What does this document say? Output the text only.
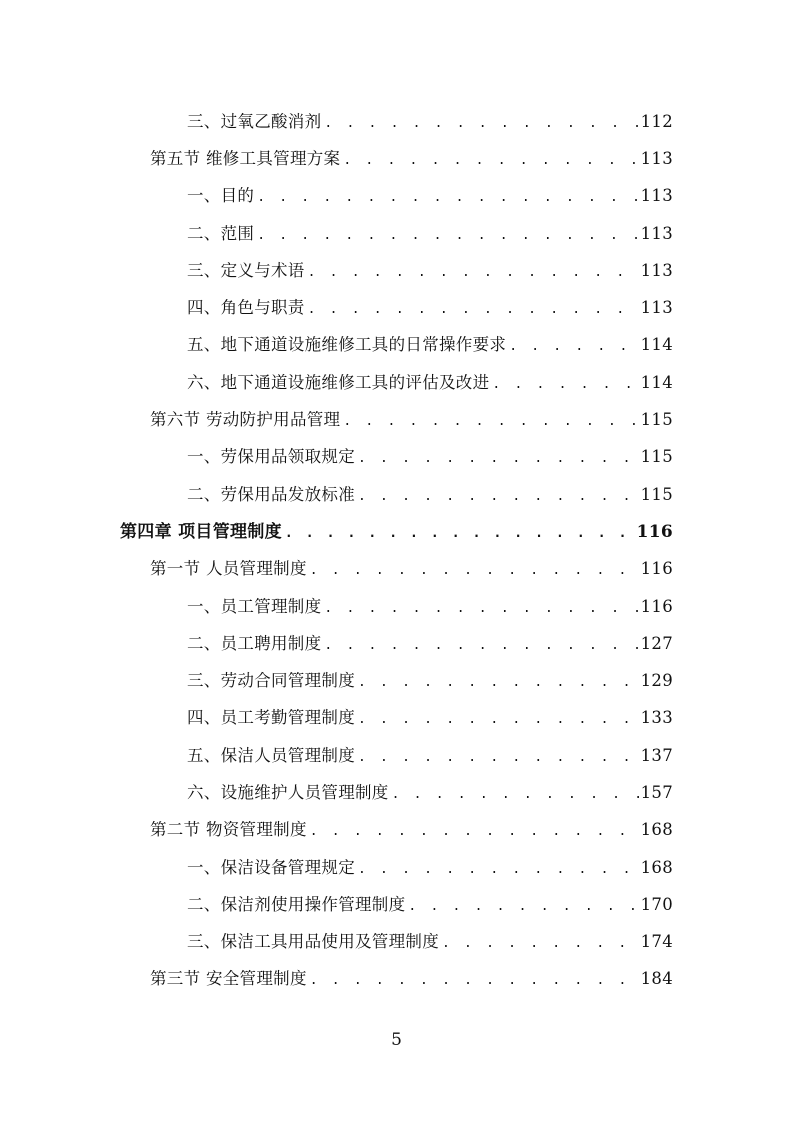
三、过氧乙酸消剂 . . .	112
第五节 维修工具管理方案 . . .	113
一、目的 . . .	113
二、范围 . . .	113
三、定义与术语 . . .	113
四、角色与职责 . . .	113
五、地下通道设施维修工具的日常操作要求 . . .	114
六、地下通道设施维修工具的评估及改进 . . .	114
第六节 劳动防护用品管理 . . .	115
一、劳保用品领取规定 . . .	115
二、劳保用品发放标准 . . .	115
第四章 项目管理制度 . . .	116
第一节 人员管理制度 . . .	116
一、员工管理制度 . . .	116
二、员工聘用制度 . . .	127
三、劳动合同管理制度 . . .	129
四、员工考勤管理制度 . . .	133
五、保洁人员管理制度 . . .	137
六、设施维护人员管理制度 . . .	157
第二节 物资管理制度 . . .	168
一、保洁设备管理规定 . . .	168
二、保洁剂使用操作管理制度 . . .	170
三、保洁工具用品使用及管理制度 . . .	174
第三节 安全管理制度 . . .	184
5
